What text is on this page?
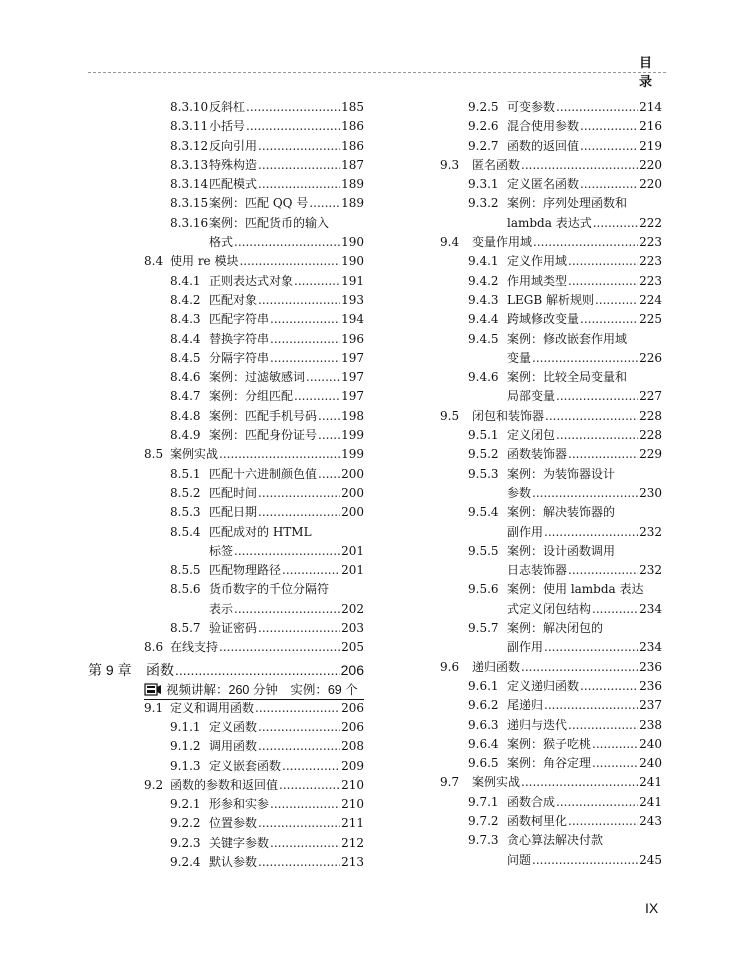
目 录
8.3.10 反斜杠 .....	185
8.3.11 小括号 .....	186
8.3.12 反向引用 .....	186
8.3.13 特殊构造 .....	187
8.3.14 匹配模式 .....	189
8.3.15 案例：匹配 QQ 号 .....	189
8.3.16 案例：匹配货币的输入
格式 .....	190
8.4 使用 re 模块 .....	190
8.4.1 正则表达式对象 .....	191
8.4.2 匹配对象 .....	193
8.4.3 匹配字符串 .....	194
8.4.4 替换字符串 .....	196
8.4.5 分隔字符串 .....	197
8.4.6 案例：过滤敏感词 .....	197
8.4.7 案例：分组匹配 .....	197
8.4.8 案例：匹配手机号码 ..... 198
8.4.9 案例：匹配身份证号 ..... 199
8.5 案例实战 .....	199
8.5.1 匹配十六进制颜色值 ..... 200
8.5.2 匹配时间 .....	200
8.5.3 匹配日期 .....	200
8.5.4 匹配成对的 HTML
标签 .....	201
8.5.5 匹配物理路径 .....	201
8.5.6 货币数字的千位分隔符
表示 .....	202
8.5.7 验证密码 .....	203
8.6 在线支持 .....	205
第 9 章 函数 .....	206
视频讲解：260 分钟　实例：69 个
9.1 定义和调用函数 .....	206
9.1.1 定义函数 .....	206
9.1.2 调用函数 .....	208
9.1.3 定义嵌套函数 .....	209
9.2 函数的参数和返回值 .....	210
9.2.1 形参和实参 .....	210
9.2.2 位置参数 .....	211
9.2.3 关键字参数 .....	212
9.2.4 默认参数 .....	213
9.2.5 可变参数 .....	214
9.2.6 混合使用参数 .....	216
9.2.7 函数的返回值 .....	219
9.3 匿名函数 .....	220
9.3.1 定义匿名函数 .....	220
9.3.2 案例：序列处理函数和
lambda 表达式 .....	222
9.4 变量作用域 .....	223
9.4.1 定义作用域 .....	223
9.4.2 作用域类型 .....	223
9.4.3 LEGB 解析规则 .....	224
9.4.4 跨域修改变量 .....	225
9.4.5 案例：修改嵌套作用域
变量 .....	226
9.4.6 案例：比较全局变量和
局部变量 .....	227
9.5 闭包和装饰器 .....	228
9.5.1 定义闭包 .....	228
9.5.2 函数装饰器 .....	229
9.5.3 案例：为装饰器设计
参数 .....	230
9.5.4 案例：解决装饰器的
副作用 .....	232
9.5.5 案例：设计函数调用
日志装饰器 .....	232
9.5.6 案例：使用 lambda 表达
式定义闭包结构 .....	234
9.5.7 案例：解决闭包的
副作用 .....	234
9.6 递归函数 .....	236
9.6.1 定义递归函数 .....	236
9.6.2 尾递归 .....	237
9.6.3 递归与迭代 .....	238
9.6.4 案例：猴子吃桃 .....	240
9.6.5 案例：角谷定理 .....	240
9.7 案例实战 .....	241
9.7.1 函数合成 .....	241
9.7.2 函数柯里化 .....	243
9.7.3 贪心算法解决付款
问题 .....	245
IX
